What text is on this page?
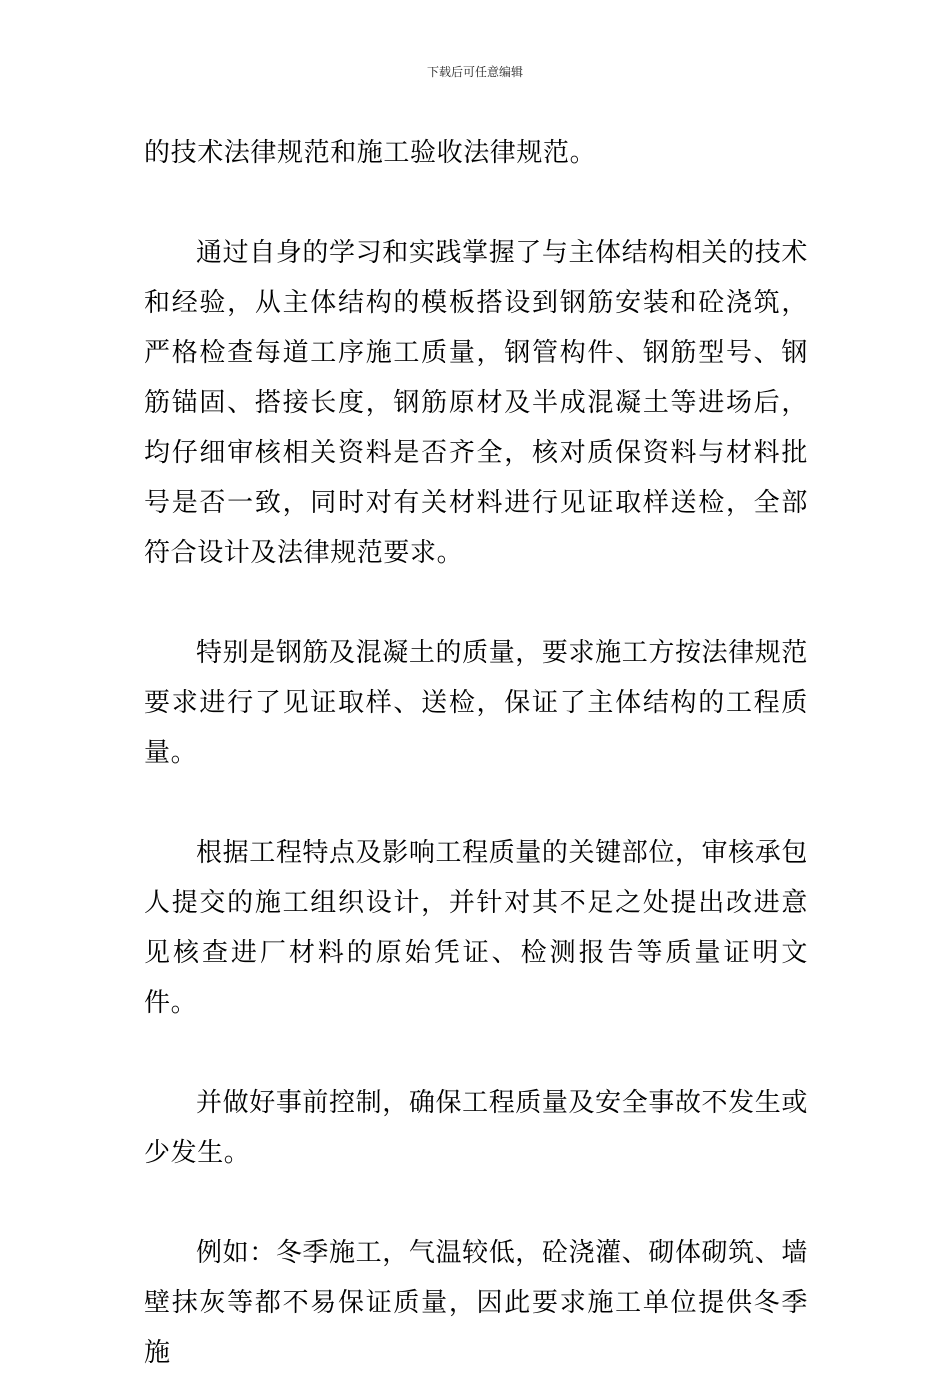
下载后可任意编辑

的技术法律规范和施工验收法律规范。

通过自身的学习和实践掌握了与主体结构相关的技术和经验，从主体结构的模板搭设到钢筋安装和砼浇筑，严格检查每道工序施工质量，钢管构件、钢筋型号、钢筋锚固、搭接长度，钢筋原材及半成混凝土等进场后，均仔细审核相关资料是否齐全，核对质保资料与材料批号是否一致，同时对有关材料进行见证取样送检，全部符合设计及法律规范要求。

特别是钢筋及混凝土的质量，要求施工方按法律规范要求进行了见证取样、送检，保证了主体结构的工程质量。

根据工程特点及影响工程质量的关键部位，审核承包人提交的施工组织设计，并针对其不足之处提出改进意见核查进厂材料的原始凭证、检测报告等质量证明文件。

并做好事前控制，确保工程质量及安全事故不发生或少发生。

例如：冬季施工，气温较低，砼浇灌、砌体砌筑、墙壁抹灰等都不易保证质量，因此要求施工单位提供冬季施
